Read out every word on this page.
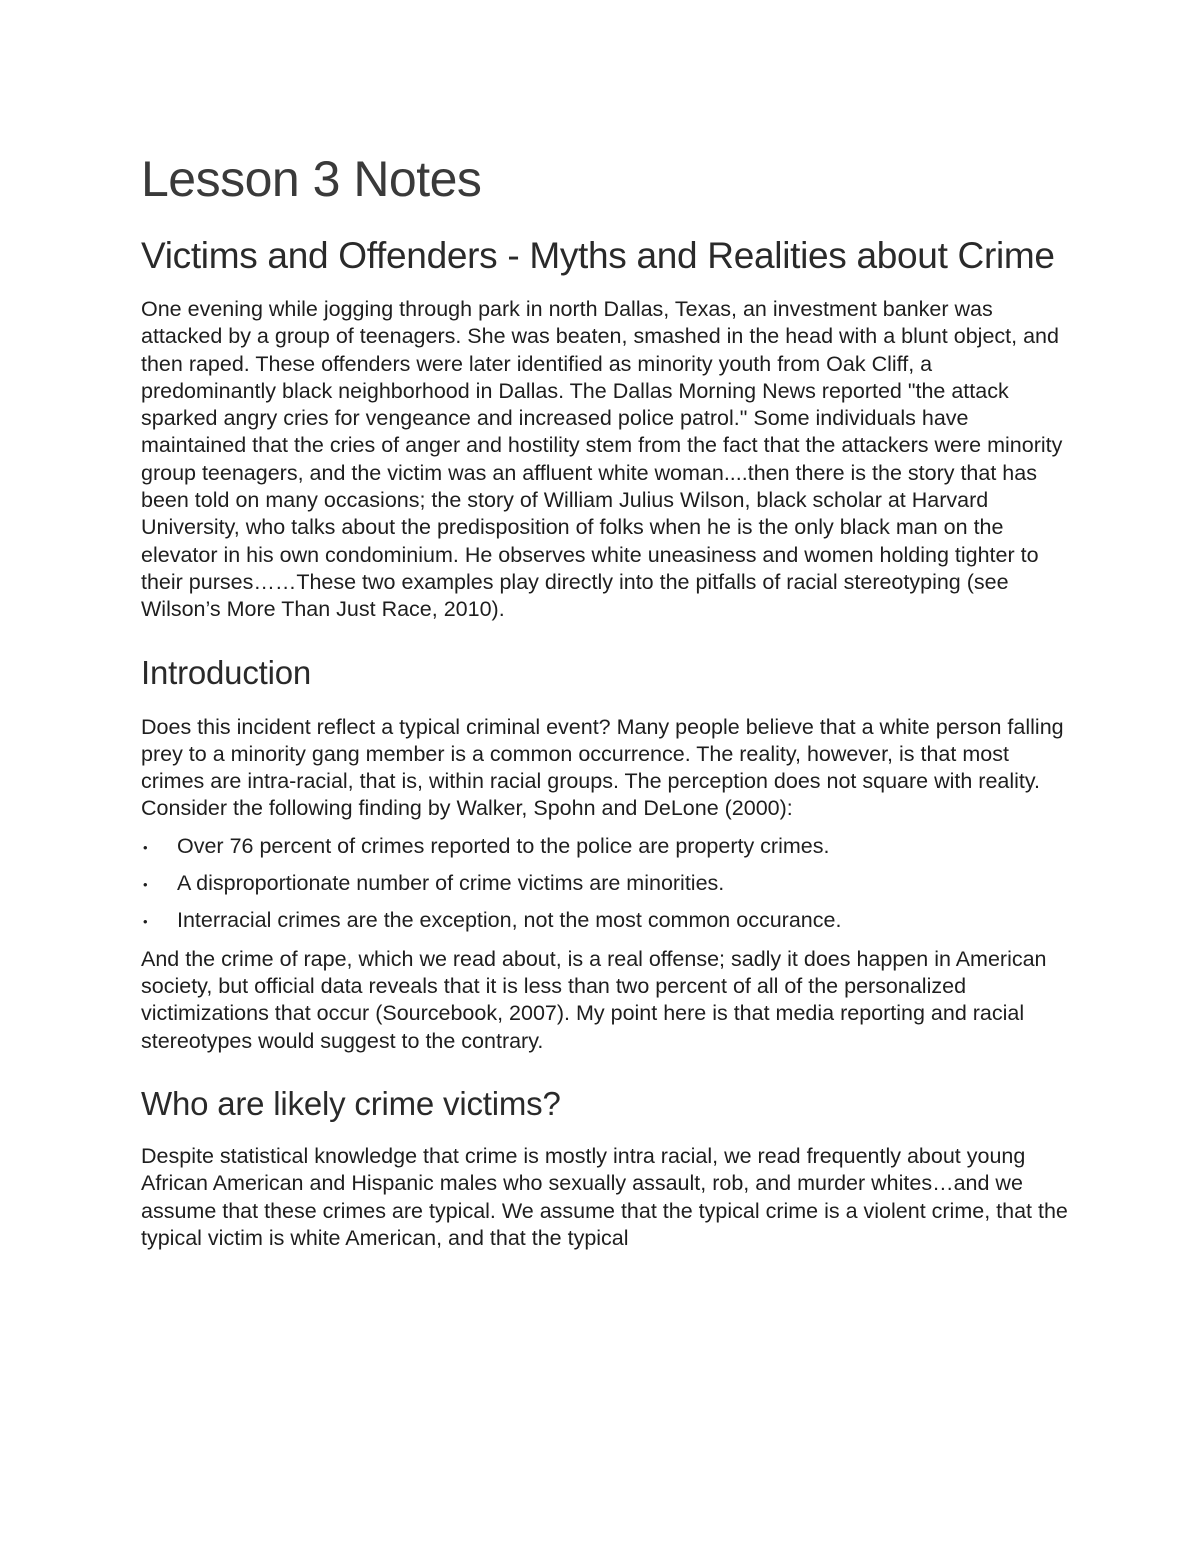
Lesson 3 Notes
Victims and Offenders - Myths and Realities about Crime

One evening while jogging through park in north Dallas, Texas, an investment banker was attacked by a group of teenagers. She was beaten, smashed in the head with a blunt object, and then raped. These offenders were later identified as minority youth from Oak Cliff, a predominantly black neighborhood in Dallas. The Dallas Morning News reported "the attack sparked angry cries for vengeance and increased police patrol." Some individuals have maintained that the cries of anger and hostility stem from the fact that the attackers were minority group teenagers, and the victim was an affluent white woman....then there is the story that has been told on many occasions; the story of William Julius Wilson, black scholar at Harvard University, who talks about the predisposition of folks when he is the only black man on the elevator in his own condominium. He observes white uneasiness and women holding tighter to their purses……These two examples play directly into the pitfalls of racial stereotyping (see Wilson’s More Than Just Race, 2010).

Introduction

Does this incident reflect a typical criminal event? Many people believe that a white person falling prey to a minority gang member is a common occurrence. The reality, however, is that most crimes are intra-racial, that is, within racial groups. The perception does not square with reality. Consider the following finding by Walker, Spohn and DeLone (2000):

• Over 76 percent of crimes reported to the police are property crimes.
• A disproportionate number of crime victims are minorities.
• Interracial crimes are the exception, not the most common occurance.

And the crime of rape, which we read about, is a real offense; sadly it does happen in American society, but official data reveals that it is less than two percent of all of the personalized victimizations that occur (Sourcebook, 2007). My point here is that media reporting and racial stereotypes would suggest to the contrary.

Who are likely crime victims?

Despite statistical knowledge that crime is mostly intra racial, we read frequently about young African American and Hispanic males who sexually assault, rob, and murder whites…and we assume that these crimes are typical. We assume that the typical crime is a violent crime, that the typical victim is white American, and that the typical
